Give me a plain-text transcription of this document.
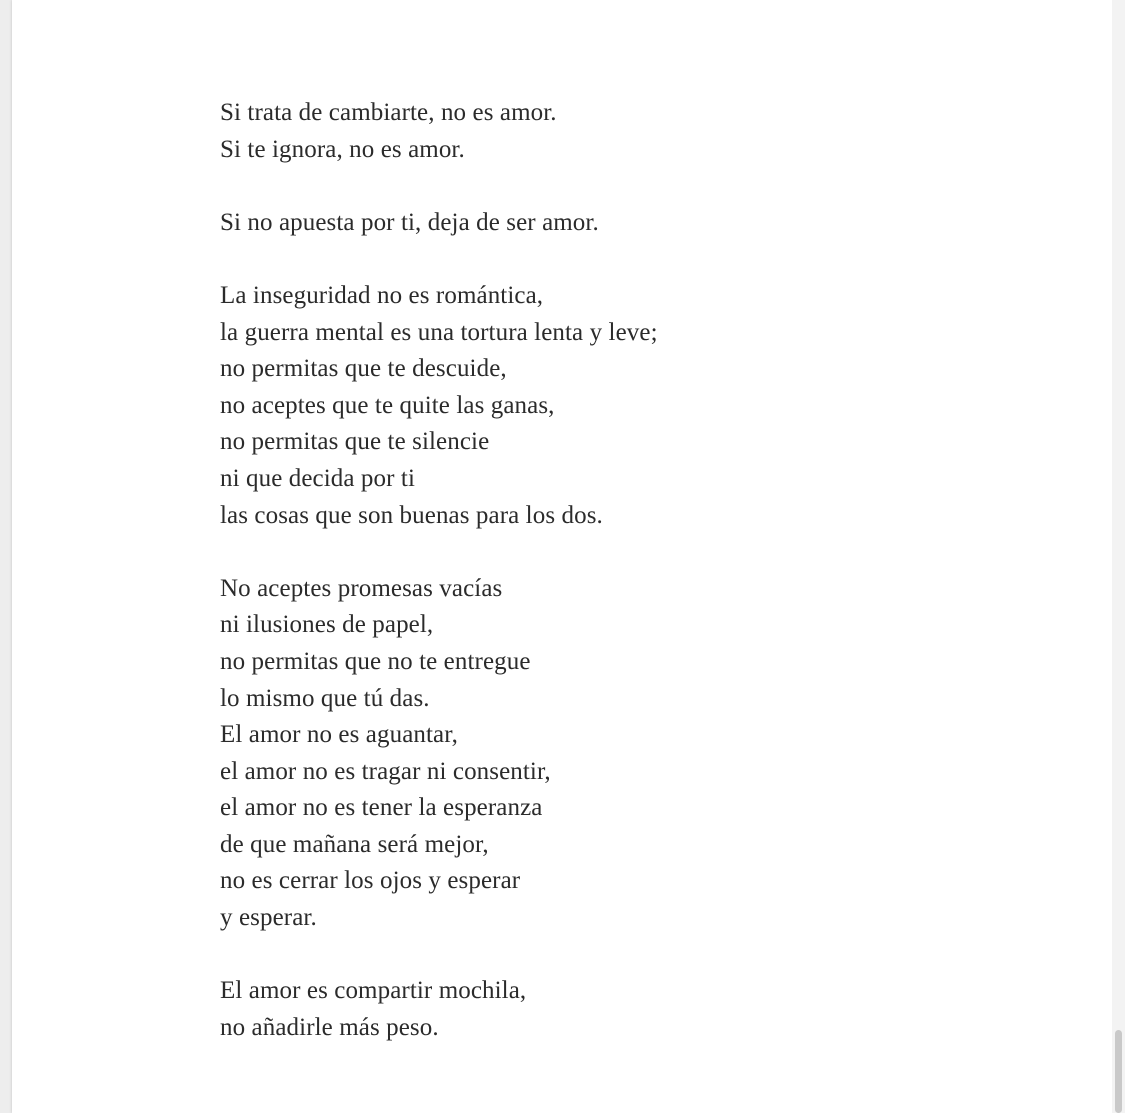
Si trata de cambiarte, no es amor.
Si te ignora, no es amor.
Si no apuesta por ti, deja de ser amor.
La inseguridad no es romántica,
la guerra mental es una tortura lenta y leve;
no permitas que te descuide,
no aceptes que te quite las ganas,
no permitas que te silencie
ni que decida por ti
las cosas que son buenas para los dos.
No aceptes promesas vacías
ni ilusiones de papel,
no permitas que no te entregue
lo mismo que tú das.
El amor no es aguantar,
el amor no es tragar ni consentir,
el amor no es tener la esperanza
de que mañana será mejor,
no es cerrar los ojos y esperar
y esperar.
El amor es compartir mochila,
no añadirle más peso.
